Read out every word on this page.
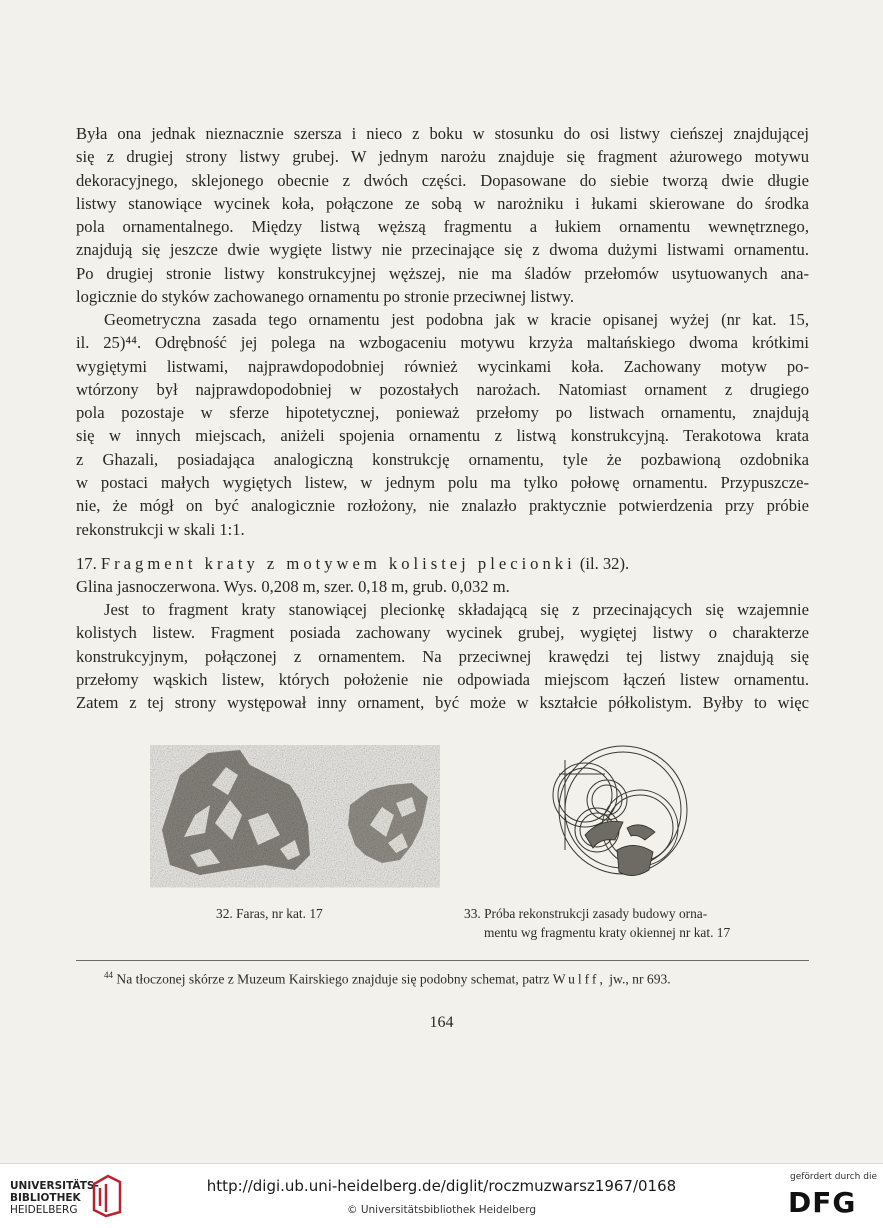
Była ona jednak nieznacznie szersza i nieco z boku w stosunku do osi listwy cieńszej znajdującej
się z drugiej strony listwy grubej. W jednym narożu znajduje się fragment ażurowego motywu
dekoracyjnego, sklejonego obecnie z dwóch części. Dopasowane do siebie tworzą dwie długie
listwy stanowiące wycinek koła, połączone ze sobą w narożniku i łukami skierowane do środka
pola ornamentalnego. Między listwą węższą fragmentu a łukiem ornamentu wewnętrznego,
znajdują się jeszcze dwie wygięte listwy nie przecinające się z dwoma dużymi listwami ornamentu.
Po drugiej stronie listwy konstrukcyjnej węższej, nie ma śladów przełomów usytuowanych ana-
logicznie do styków zachowanego ornamentu po stronie przeciwnej listwy.
Geometryczna zasada tego ornamentu jest podobna jak w kracie opisanej wyżej (nr kat. 15,
il. 25)⁴⁴. Odrębność jej polega na wzbogaceniu motywu krzyża maltańskiego dwoma krótkimi
wygiętymi listwami, najprawdopodobniej również wycinkami koła. Zachowany motyw po-
wtórzony był najprawdopodobniej w pozostałych narożach. Natomiast ornament z drugiego
pola pozostaje w sferze hipotetycznej, ponieważ przełomy po listwach ornamentu, znajdują
się w innych miejscach, aniżeli spojenia ornamentu z listwą konstrukcyjną. Terakotowa krata
z Ghazali, posiadająca analogiczną konstrukcję ornamentu, tyle że pozbawioną ozdobnika
w postaci małych wygiętych listew, w jednym polu ma tylko połowę ornamentu. Przypuszcze-
nie, że mógł on być analogicznie rozłożony, nie znalazło praktycznie potwierdzenia przy próbie
rekonstrukcji w skali 1:1.
17. Fragment kraty z motywem kolistej plecionki (il. 32).
Glina jasnoczerwona. Wys. 0,208 m, szer. 0,18 m, grub. 0,032 m.
Jest to fragment kraty stanowiącej plecionkę składającą się z przecinających się wzajemnie
kolistych listew. Fragment posiada zachowany wycinek grubej, wygiętej listwy o charakterze
konstrukcyjnym, połączonej z ornamentem. Na przeciwnej krawędzi tej listwy znajdują się
przełomy wąskich listew, których położenie nie odpowiada miejscom łączeń listew ornamentu.
Zatem z tej strony występował inny ornament, być może w kształcie półkolistym. Byłby to więc
32. Faras, nr kat. 17	33. Próba rekonstrukcji zasady budowy orna-
mentu wg fragmentu kraty okiennej nr kat. 17
$^{44}$ Na tłoczonej skórze z Muzeum Kairskiego znajduje się podobny schemat, patrz Wulff, jw., nr 693.
164
UNIVERSITÄTS-
BIBLIOTHEK
HEIDELBERG
http://digi.ub.uni-heidelberg.de/diglit/roczmuzwarsz1967/0168
© Universitätsbibliothek Heidelberg
gefördert durch die
DFG
